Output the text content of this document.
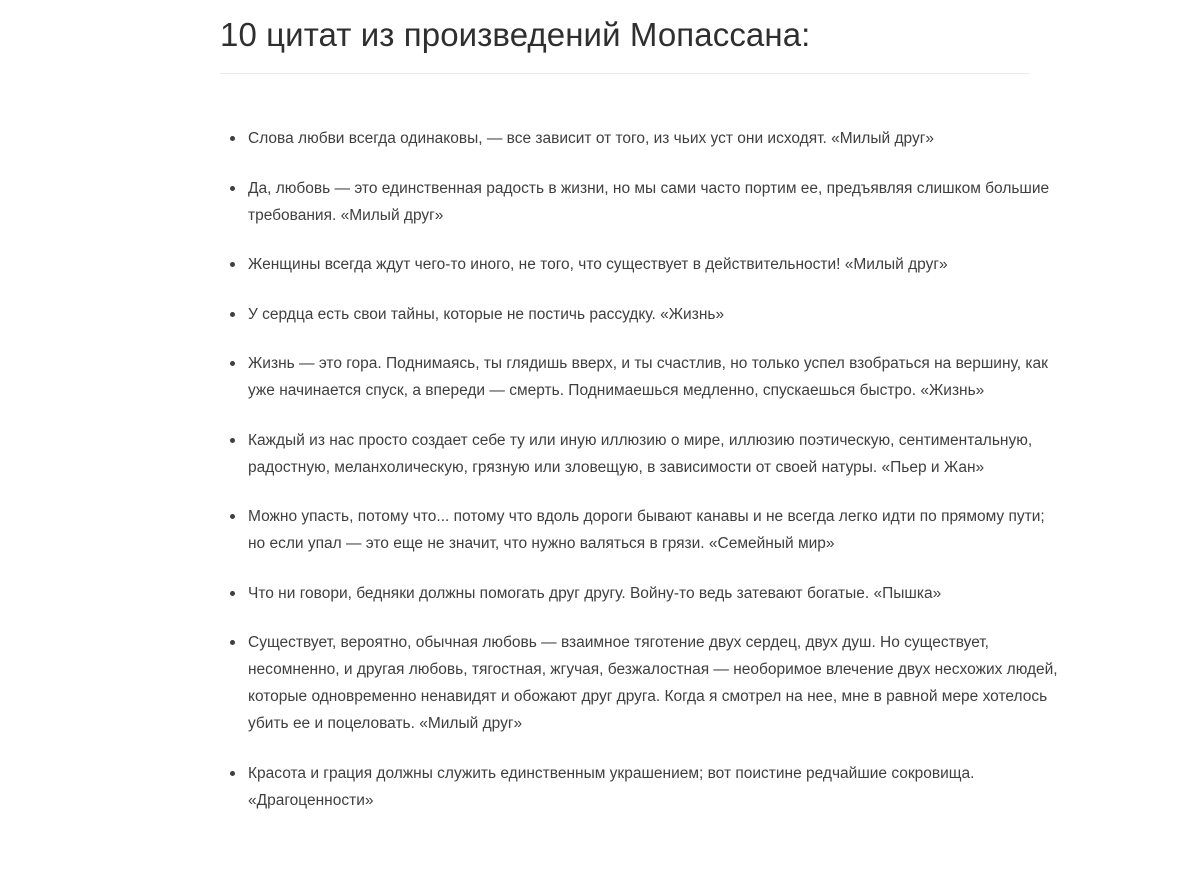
10 цитат из произведений Мопассана:
Слова любви всегда одинаковы, — все зависит от того, из чьих уст они исходят. «Милый друг»
Да, любовь — это единственная радость в жизни, но мы сами часто портим ее, предъявляя слишком большие требования. «Милый друг»
Женщины всегда ждут чего-то иного, не того, что существует в действительности! «Милый друг»
У сердца есть свои тайны, которые не постичь рассудку. «Жизнь»
Жизнь — это гора. Поднимаясь, ты глядишь вверх, и ты счастлив, но только успел взобраться на вершину, как уже начинается спуск, а впереди — смерть. Поднимаешься медленно, спускаешься быстро. «Жизнь»
Каждый из нас просто создает себе ту или иную иллюзию о мире, иллюзию поэтическую, сентиментальную, радостную, меланхолическую, грязную или зловещую, в зависимости от своей натуры. «Пьер и Жан»
Можно упасть, потому что... потому что вдоль дороги бывают канавы и не всегда легко идти по прямому пути; но если упал — это еще не значит, что нужно валяться в грязи. «Семейный мир»
Что ни говори, бедняки должны помогать друг другу. Войну-то ведь затевают богатые. «Пышка»
Существует, вероятно, обычная любовь — взаимное тяготение двух сердец, двух душ. Но существует, несомненно, и другая любовь, тягостная, жгучая, безжалостная — необоримое влечение двух несхожих людей, которые одновременно ненавидят и обожают друг друга. Когда я смотрел на нее, мне в равной мере хотелось убить ее и поцеловать. «Милый друг»
Красота и грация должны служить единственным украшением; вот поистине редчайшие сокровища. «Драгоценности»
